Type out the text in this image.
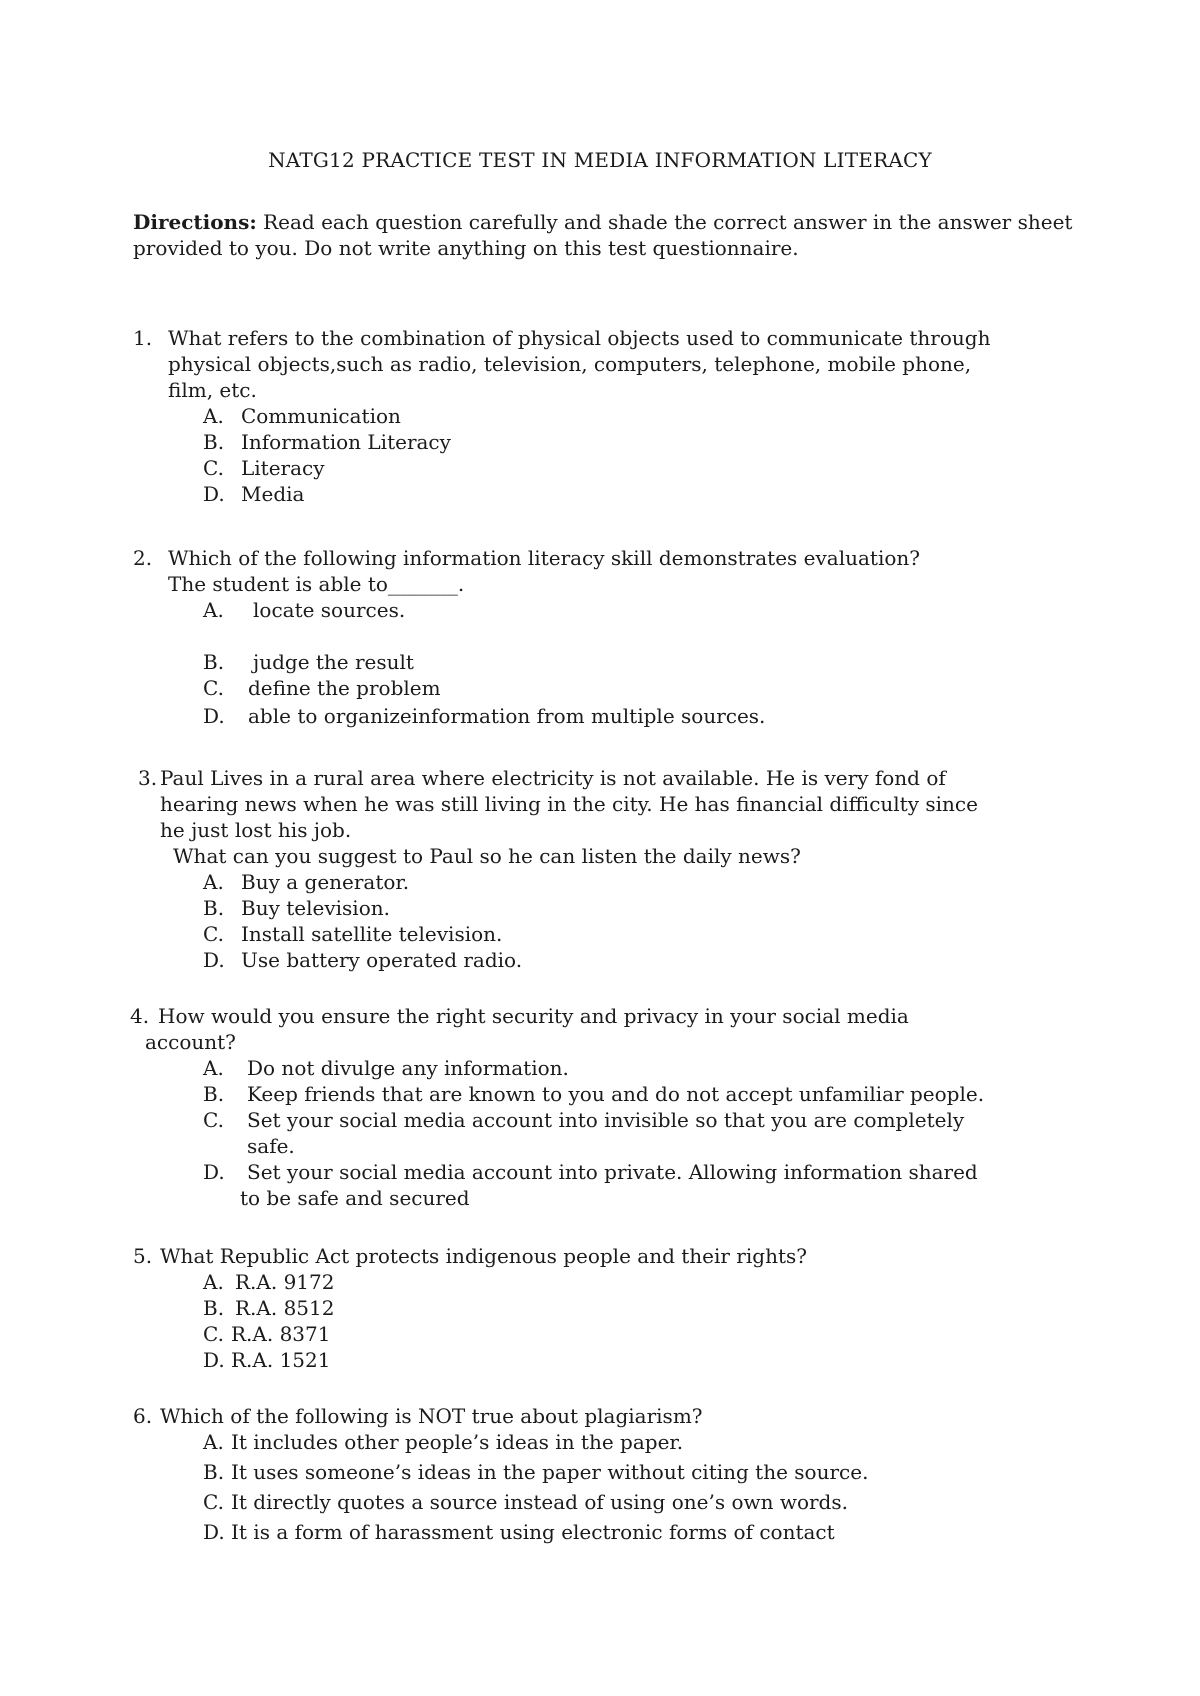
NATG12 PRACTICE TEST IN MEDIA INFORMATION LITERACY
Directions: Read each question carefully and shade the correct answer in the answer sheet provided to you. Do not write anything on this test questionnaire.
1. What refers to the combination of physical objects used to communicate through
physical objects,such as radio, television, computers, telephone, mobile phone,
film, etc.
A. Communication
B. Information Literacy
C. Literacy
D. Media
2. Which of the following information literacy skill demonstrates evaluation?
The student is able to_______.
A. locate sources.
B. judge the result
C. define the problem
D. able to organizeinformation from multiple sources.
3. Paul Lives in a rural area where electricity is not available. He is very fond of
hearing news when he was still living in the city. He has financial difficulty since
he just lost his job.
What can you suggest to Paul so he can listen the daily news?
A. Buy a generator.
B. Buy television.
C. Install satellite television.
D. Use battery operated radio.
4. How would you ensure the right security and privacy in your social media
account?
A. Do not divulge any information.
B. Keep friends that are known to you and do not accept unfamiliar people.
C. Set your social media account into invisible so that you are completely
safe.
D. Set your social media account into private. Allowing information shared
to be safe and secured
5. What Republic Act protects indigenous people and their rights?
A. R.A. 9172
B. R.A. 8512
C. R.A. 8371
D. R.A. 1521
6. Which of the following is NOT true about plagiarism?
A. It includes other people’s ideas in the paper.
B. It uses someone’s ideas in the paper without citing the source.
C. It directly quotes a source instead of using one’s own words.
D. It is a form of harassment using electronic forms of contact
